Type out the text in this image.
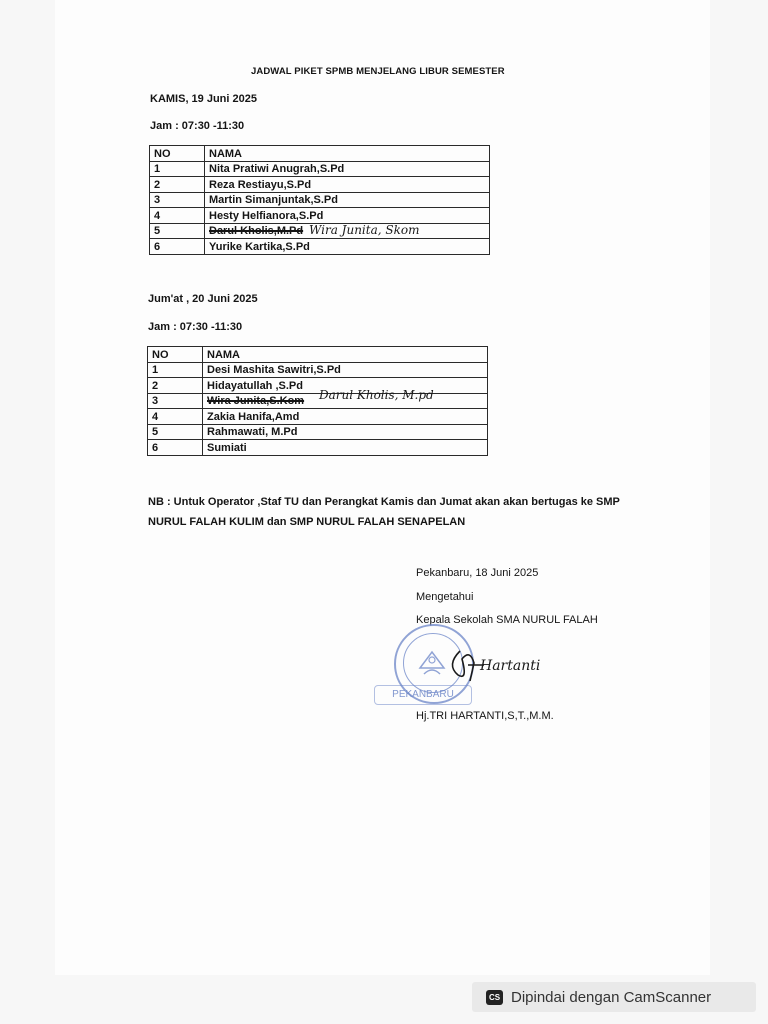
JADWAL PIKET SPMB MENJELANG LIBUR SEMESTER
KAMIS, 19 Juni 2025
Jam : 07:30 -11:30
NO	NAMA
1	Nita Pratiwi Anugrah,S.Pd
2	Reza Restiayu,S.Pd
3	Martin Simanjuntak,S.Pd
4	Hesty Helfianora,S.Pd
5	Darul Kholis,M.Pd Wira Junita, Skom

6	Yurike Kartika,S.Pd
Jum'at , 20 Juni 2025
Jam : 07:30 -11:30
NO	NAMA
1	Desi Mashita Sawitri,S.Pd
2	Hidayatullah ,S.Pd
3	Wira Junita,S.Kom Darul Kholis, M.pd

4	Zakia Hanifa,Amd
5	Rahmawati, M.Pd
6	Sumiati
NB : Untuk Operator ,Staf TU dan Perangkat Kamis dan Jumat akan akan bertugas ke SMP NURUL FALAH KULIM dan SMP NURUL FALAH SENAPELAN
Pekanbaru, 18 Juni 2025
Mengetahui
Kepala Sekolah SMA NURUL FALAH
PEKANBARU
Hartanti
Hj.TRI HARTANTI,S,T.,M.M.
CS Dipindai dengan CamScanner
